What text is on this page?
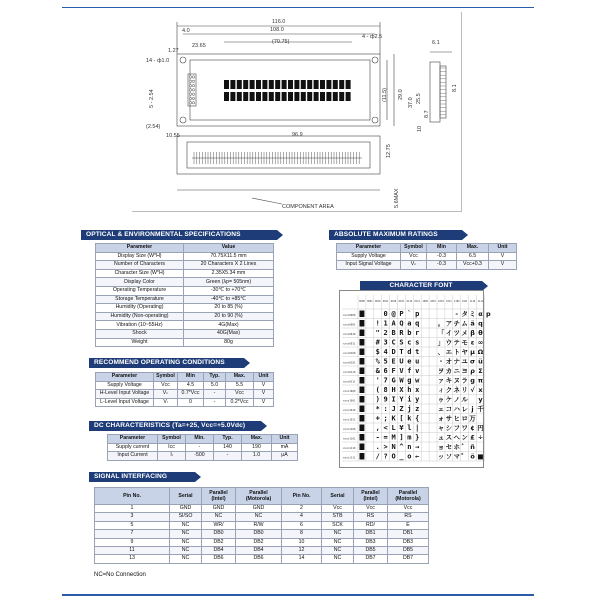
116.0
108.0
(70.75)
23.65
4.0
1.27
14 - ф1.0
5 - 2.54
(2.54)
10.55	96.9
4 - ф2.5
37.0
29.0
(11.5)	25.5
6.1
12.75
5.6MAX
10
8.7
8.1
COMPONENT AREA
OPTICAL & ENVIRONMENTAL SPECIFICATIONS
Parameter	Value
Display Size (W*H)	70.75X11.5 mm
Number of Characters	20 Characters X 2 Lines
Character Size (W*H)	2.35X5.34 mm
Display Color	Green (λp= 505nm)
Operating Temperature	-30℃ to +70℃
Storage Temperature	-40℃ to +85℃
Humidity (Operating)	20 to 85 (%)
Humidity (Non-operating)	20 to 90 (%)
Vibration (10~55Hz)	4G(Max)
Shock	40G(Max)
Weight	80g
ABSOLUTE MAXIMUM RATINGS
Parameter	Symbol	Min	Max.	Unit
Supply Voltage	Vcc	-0.3	6.5	V
Input Signal Voltage	Vₙ	-0.3	Vcc+0.3	V
CHARACTER FONT
0000 0001 0010 0011 0100 0101 0110 0111 1000 1001 1010 1011 1100 1101 1110 1111
xxxx0000	0 @ P ` p	- タ ミ α p
xxxx0001	! 1 A Q a q	。 ア チ ム ä q
xxxx0010	" 2 B R b r	「 イ ツ メ β θ
xxxx0011	# 3 C S c s	」 ウ テ モ ε ∞
xxxx0100	$ 4 D T d t	、 エ ト ヤ μ Ω
xxxx0101	% 5 E U e u	・ オ ナ ユ σ ü
xxxx0110	& 6 F V f v	ヲ カ ニ ヨ ρ Σ
xxxx0111	' 7 G W g w	ァ キ ヌ ラ g π
xxxx1000	( 8 H X h x	ィ ク ネ リ √ x
xxxx1001	) 9 I Y i y	ゥ ケ ノ ル y
xxxx1010	* : J Z j z	ェ コ ハ レ j 千
xxxx1011	+ ; K [ k {	ォ サ ヒ ロ 万
xxxx1100	, < L ¥ l |	ャ シ フ ワ ¢ 円
xxxx1101	- = M ] m }	ュ ス ヘ ン £ ÷
xxxx1110	. > N ^ n →	ョ セ ホ ゛ ñ
xxxx1111	/ ? O _ o ←	ッ ソ マ ゜ ö ■
RECOMMEND OPERATING CONDITIONS
Parameter	Symbol	Min	Typ.	Max.	Unit
Supply Voltage	Vcc	4.5	5.0	5.5	V
H-Level Input Voltage	Vₙ	0.7*Vcc	-	Vcc	V
L-Level Input Voltage	Vₗ	0	-	0.2*Vcc	V
DC CHARACTERISTICS (Ta=+25, Vcc=+5.0Vdc)
Parameter	Symbol	Min.	Typ.	Max.	Unit
Supply current	Icc	-	140	190	mA
Input Current	Iₗ	-500	-	1.0	μA
SIGNAL INTERFACING
Pin No.	Serial	Parallel (Intel)	Parallel (Motorola)	Pin No.	Serial	Parallel (Intel)	Parallel (Motorola)
1	GND	GND	GND	2	Vcc	Vcc	Vcc
3	SI/SO	NC	NC	4	STB	RS	RS
5	NC	WR/	R/W	6	SCK	RD/	E
7	NC	DB0	DB0	8	NC	DB1	DB1
9	NC	DB2	DB2	10	NC	DB3	DB3
11	NC	DB4	DB4	12	NC	DB5	DB5
13	NC	DB6	DB6	14	NC	DB7	DB7
NC=No Connection
